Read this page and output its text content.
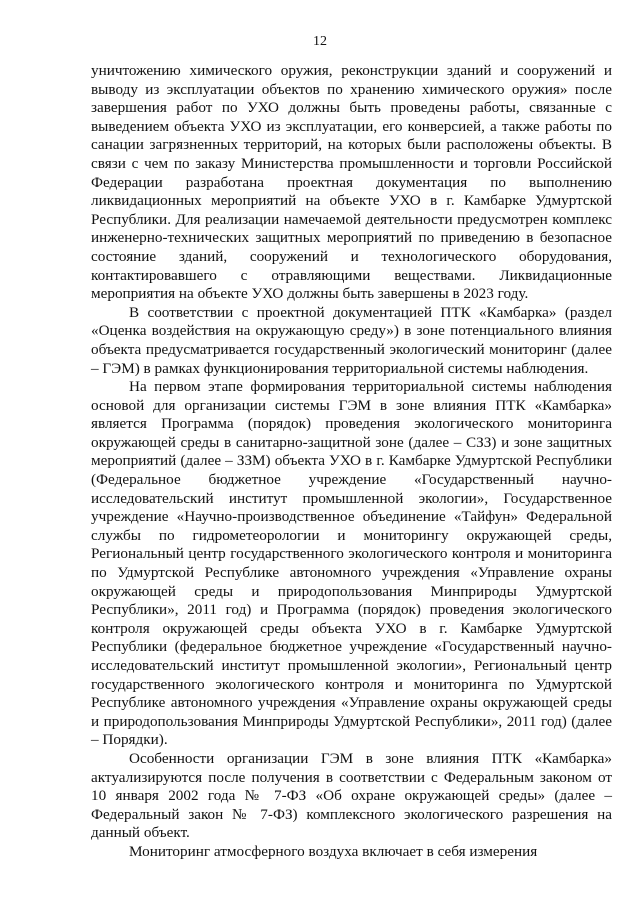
12

уничтожению химического оружия, реконструкции зданий и сооружений и выводу из эксплуатации объектов по хранению химического оружия» после завершения работ по УХО должны быть проведены работы, связанные с выведением объекта УХО из эксплуатации, его конверсией, а также работы по санации загрязненных территорий, на которых были расположены объекты. В связи с чем по заказу Министерства промышленности и торговли Российской Федерации разработана проектная документация по выполнению ликвидационных мероприятий на объекте УХО в г. Камбарке Удмуртской Республики. Для реализации намечаемой деятельности предусмотрен комплекс инженерно-технических защитных мероприятий по приведению в безопасное состояние зданий, сооружений и технологического оборудования, контактировавшего с отравляющими веществами. Ликвидационные мероприятия на объекте УХО должны быть завершены в 2023 году.

В соответствии с проектной документацией ПТК «Камбарка» (раздел «Оценка воздействия на окружающую среду») в зоне потенциального влияния объекта предусматривается государственный экологический мониторинг (далее – ГЭМ) в рамках функционирования территориальной системы наблюдения.

На первом этапе формирования территориальной системы наблюдения основой для организации системы ГЭМ в зоне влияния ПТК «Камбарка» является Программа (порядок) проведения экологического мониторинга окружающей среды в санитарно-защитной зоне (далее – СЗЗ) и зоне защитных мероприятий (далее – ЗЗМ) объекта УХО в г. Камбарке Удмуртской Республики (Федеральное бюджетное учреждение «Государственный научно-исследовательский институт промышленной экологии», Государственное учреждение «Научно-производственное объединение «Тайфун» Федеральной службы по гидрометеорологии и мониторингу окружающей среды, Региональный центр государственного экологического контроля и мониторинга по Удмуртской Республике автономного учреждения «Управление охраны окружающей среды и природопользования Минприроды Удмуртской Республики», 2011 год) и Программа (порядок) проведения экологического контроля окружающей среды объекта УХО в г. Камбарке Удмуртской Республики (федеральное бюджетное учреждение «Государственный научно-исследовательский институт промышленной экологии», Региональный центр государственного экологического контроля и мониторинга по Удмуртской Республике автономного учреждения «Управление охраны окружающей среды и природопользования Минприроды Удмуртской Республики», 2011 год) (далее – Порядки).

Особенности организации ГЭМ в зоне влияния ПТК «Камбарка» актуализируются после получения в соответствии с Федеральным законом от 10 января 2002 года № 7-ФЗ «Об охране окружающей среды» (далее – Федеральный закон № 7-ФЗ) комплексного экологического разрешения на данный объект.

Мониторинг атмосферного воздуха включает в себя измерения
